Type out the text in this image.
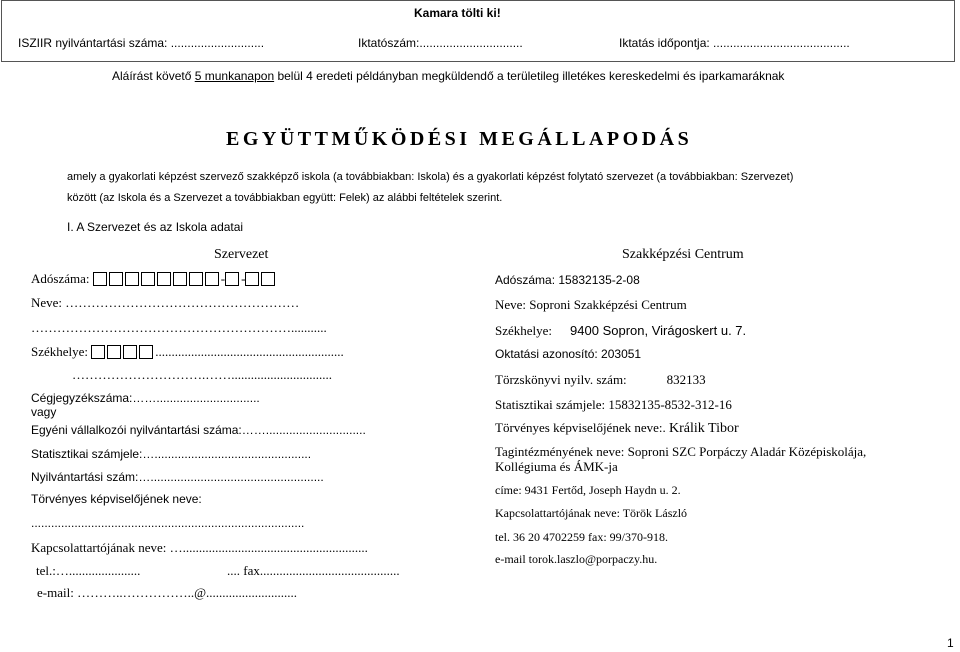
Kamara tölti ki!
ISZIIR nyilvántartási száma: ............................	Iktatószám:...............................	Iktatás időpontja: .........................................
Aláírást követő 5 munkanapon belül 4 eredeti példányban megküldendő a területileg illetékes kereskedelmi és iparkamaráknak
EGYÜTTMŰKÖDÉSI MEGÁLLAPODÁS
amely a gyakorlati képzést szervező szakképző iskola (a továbbiakban: Iskola) és a gyakorlati képzést folytató szervezet (a továbbiakban: Szervezet)
között (az Iskola és a Szervezet a továbbiakban együtt: Felek) az alábbi feltételek szerint.
I. A Szervezet és az Iskola adatai
Szervezet
Adószáma:	- -
Neve: ………………………………………………
……………………………………………………...........
Székhelye:	..........................................................
………………………….……...............................
Cégjegyzékszáma:……...............................
vagy
Egyéni vállalkozói nyilvántartási száma:……..............................
Statisztikai számjele:…...............................................
Nyilvántartási szám:…....................................................
Törvényes képviselőjének neve:
..................................................................................
Kapcsolattartójának neve: ….........................................................
tel.:…......................	.... fax...........................................
e-mail: ………..……………..@............................
Szakképzési Centrum
Adószáma: 15832135-2-08
Neve: Soproni Szakképzési Centrum
Székhelye: 9400 Sopron, Virágoskert u. 7.
Oktatási azonosító: 203051
Törzskönyvi nyilv. szám:	832133
Statisztikai számjele: 15832135-8532-312-16
Törvényes képviselőjének neve:. Králik Tibor
Tagintézményének neve: Soproni SZC Porpáczy Aladár Középiskolája,
Kollégiuma és ÁMK-ja
címe: 9431 Fertőd, Joseph Haydn u. 2.
Kapcsolattartójának neve: Török László
tel. 36 20 4702259 fax: 99/370-918.
e-mail torok.laszlo@porpaczy.hu.
1
